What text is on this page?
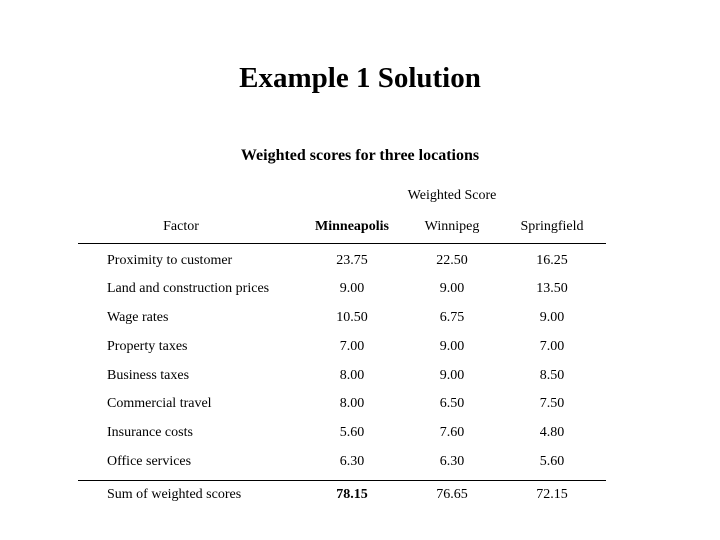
Example 1 Solution
Weighted scores for three locations
Weighted Score
Factor	Minneapolis	Winnipeg	Springfield
Proximity to customer	23.75	22.50	16.25
Land and construction prices	9.00	9.00	13.50
Wage rates	10.50	6.75	9.00
Property taxes	7.00	9.00	7.00
Business taxes	8.00	9.00	8.50
Commercial travel	8.00	6.50	7.50
Insurance costs	5.60	7.60	4.80
Office services	6.30	6.30	5.60
Sum of weighted scores	78.15	76.65	72.15
